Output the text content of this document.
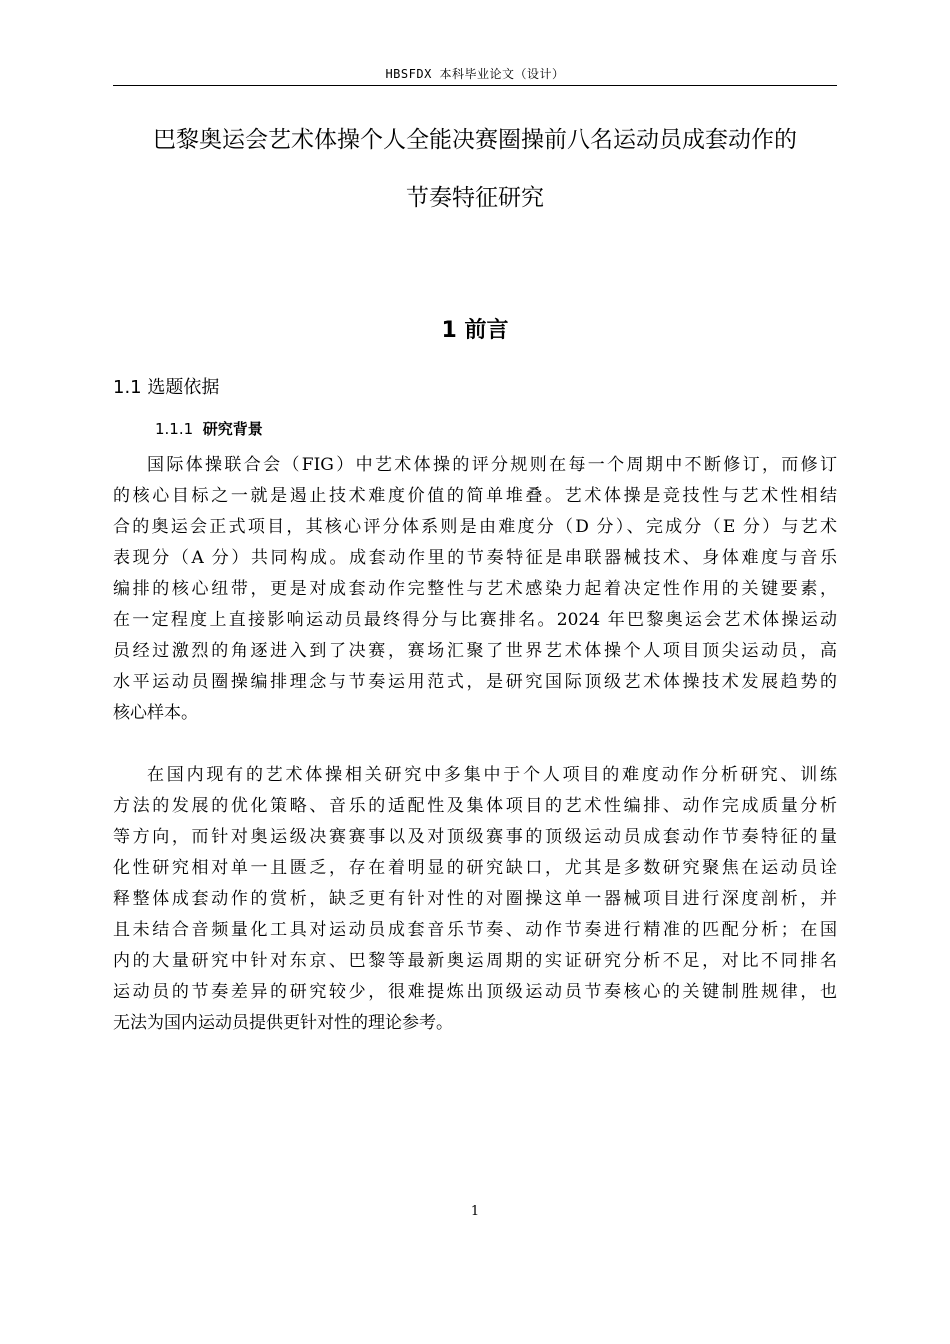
HBSFDX 本科毕业论文（设计）
巴黎奥运会艺术体操个人全能决赛圈操前八名运动员成套动作的
节奏特征研究
1 前言
1.1 选题依据
1.1.1 研究背景
国际体操联合会（FIG）中艺术体操的评分规则在每一个周期中不断修订，而修订
的核心目标之一就是遏止技术难度价值的简单堆叠。艺术体操是竞技性与艺术性相结
合的奥运会正式项目，其核心评分体系则是由难度分（D 分）、完成分（E 分）与艺术
表现分（A 分）共同构成。成套动作里的节奏特征是串联器械技术、身体难度与音乐
编排的核心纽带，更是对成套动作完整性与艺术感染力起着决定性作用的关键要素，
在一定程度上直接影响运动员最终得分与比赛排名。2024 年巴黎奥运会艺术体操运动
员经过激烈的角逐进入到了决赛，赛场汇聚了世界艺术体操个人项目顶尖运动员，高
水平运动员圈操编排理念与节奏运用范式，是研究国际顶级艺术体操技术发展趋势的
核心样本。
在国内现有的艺术体操相关研究中多集中于个人项目的难度动作分析研究、训练
方法的发展的优化策略、音乐的适配性及集体项目的艺术性编排、动作完成质量分析
等方向，而针对奥运级决赛赛事以及对顶级赛事的顶级运动员成套动作节奏特征的量
化性研究相对单一且匮乏，存在着明显的研究缺口，尤其是多数研究聚焦在运动员诠
释整体成套动作的赏析，缺乏更有针对性的对圈操这单一器械项目进行深度剖析，并
且未结合音频量化工具对运动员成套音乐节奏、动作节奏进行精准的匹配分析；在国
内的大量研究中针对东京、巴黎等最新奥运周期的实证研究分析不足，对比不同排名
运动员的节奏差异的研究较少，很难提炼出顶级运动员节奏核心的关键制胜规律，也
无法为国内运动员提供更针对性的理论参考。
1
